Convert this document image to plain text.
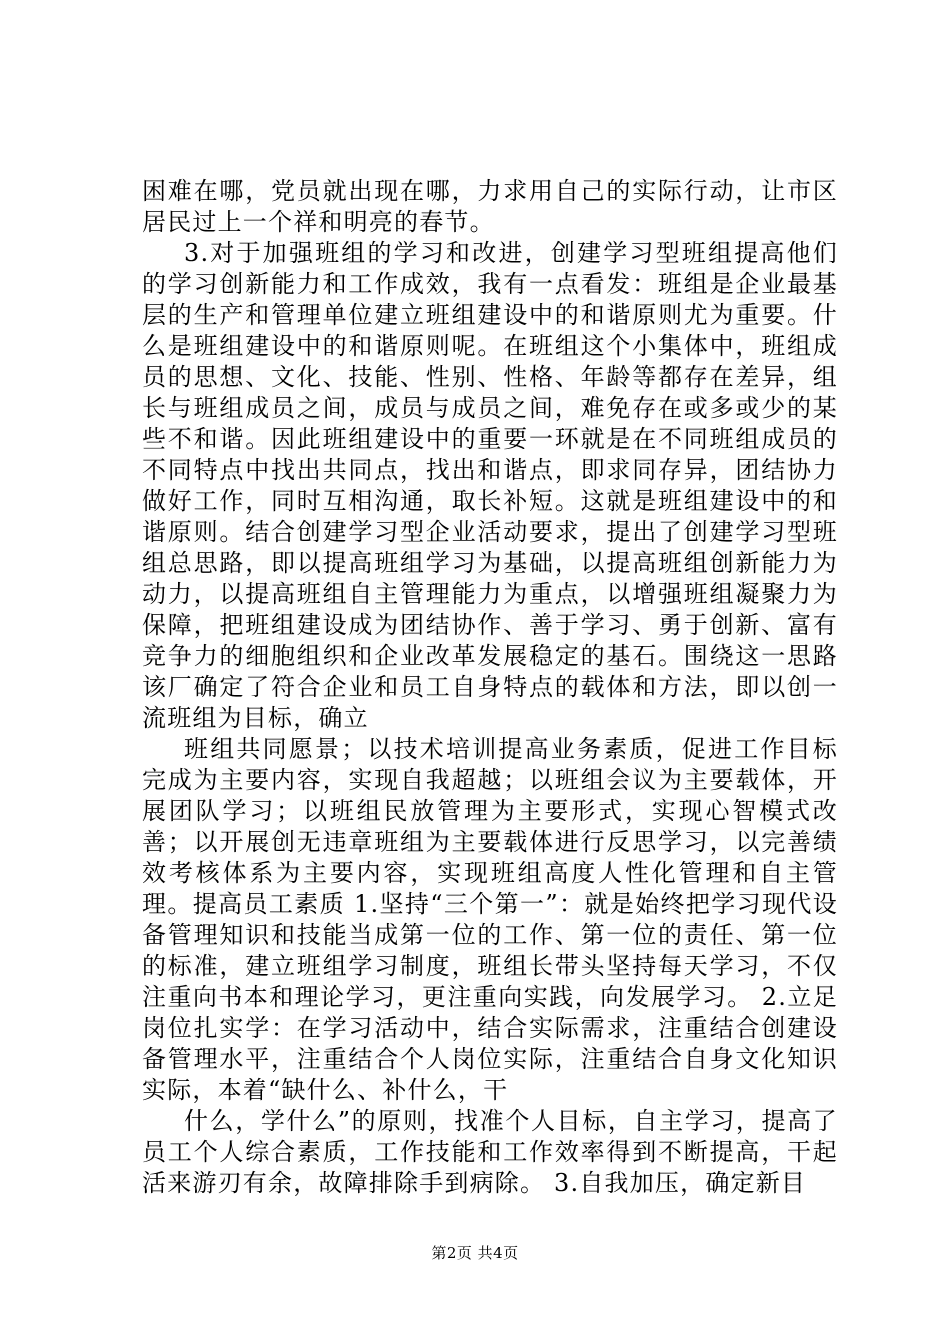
困难在哪，党员就出现在哪，力求用自己的实际行动，让市区居民过上一个祥和明亮的春节。

3.对于加强班组的学习和改进，创建学习型班组提高他们的学习创新能力和工作成效，我有一点看发：班组是企业最基层的生产和管理单位建立班组建设中的和谐原则尤为重要。什么是班组建设中的和谐原则呢。在班组这个小集体中，班组成员的思想、文化、技能、性别、性格、年龄等都存在差异，组长与班组成员之间，成员与成员之间，难免存在或多或少的某些不和谐。因此班组建设中的重要一环就是在不同班组成员的不同特点中找出共同点，找出和谐点，即求同存异，团结协力做好工作，同时互相沟通，取长补短。这就是班组建设中的和谐原则。结合创建学习型企业活动要求，提出了创建学习型班组总思路，即以提高班组学习为基础，以提高班组创新能力为动力，以提高班组自主管理能力为重点，以增强班组凝聚力为保障，把班组建设成为团结协作、善于学习、勇于创新、富有竞争力的细胞组织和企业改革发展稳定的基石。围绕这一思路该厂确定了符合企业和员工自身特点的载体和方法，即以创一流班组为目标，确立

班组共同愿景；以技术培训提高业务素质，促进工作目标完成为主要内容，实现自我超越；以班组会议为主要载体，开展团队学习；以班组民放管理为主要形式，实现心智模式改善；以开展创无违章班组为主要载体进行反思学习，以完善绩效考核体系为主要内容，实现班组高度人性化管理和自主管理。提高员工素质 1.坚持“三个第一”：就是始终把学习现代设备管理知识和技能当成第一位的工作、第一位的责任、第一位的标准，建立班组学习制度，班组长带头坚持每天学习，不仅注重向书本和理论学习，更注重向实践，向发展学习。 2.立足岗位扎实学：在学习活动中，结合实际需求，注重结合创建设备管理水平，注重结合个人岗位实际，注重结合自身文化知识实际，本着“缺什么、补什么，干

什么，学什么”的原则，找准个人目标，自主学习，提高了员工个人综合素质，工作技能和工作效率得到不断提高，干起活来游刃有余，故障排除手到病除。 3.自我加压，确定新目

第2页 共4页
